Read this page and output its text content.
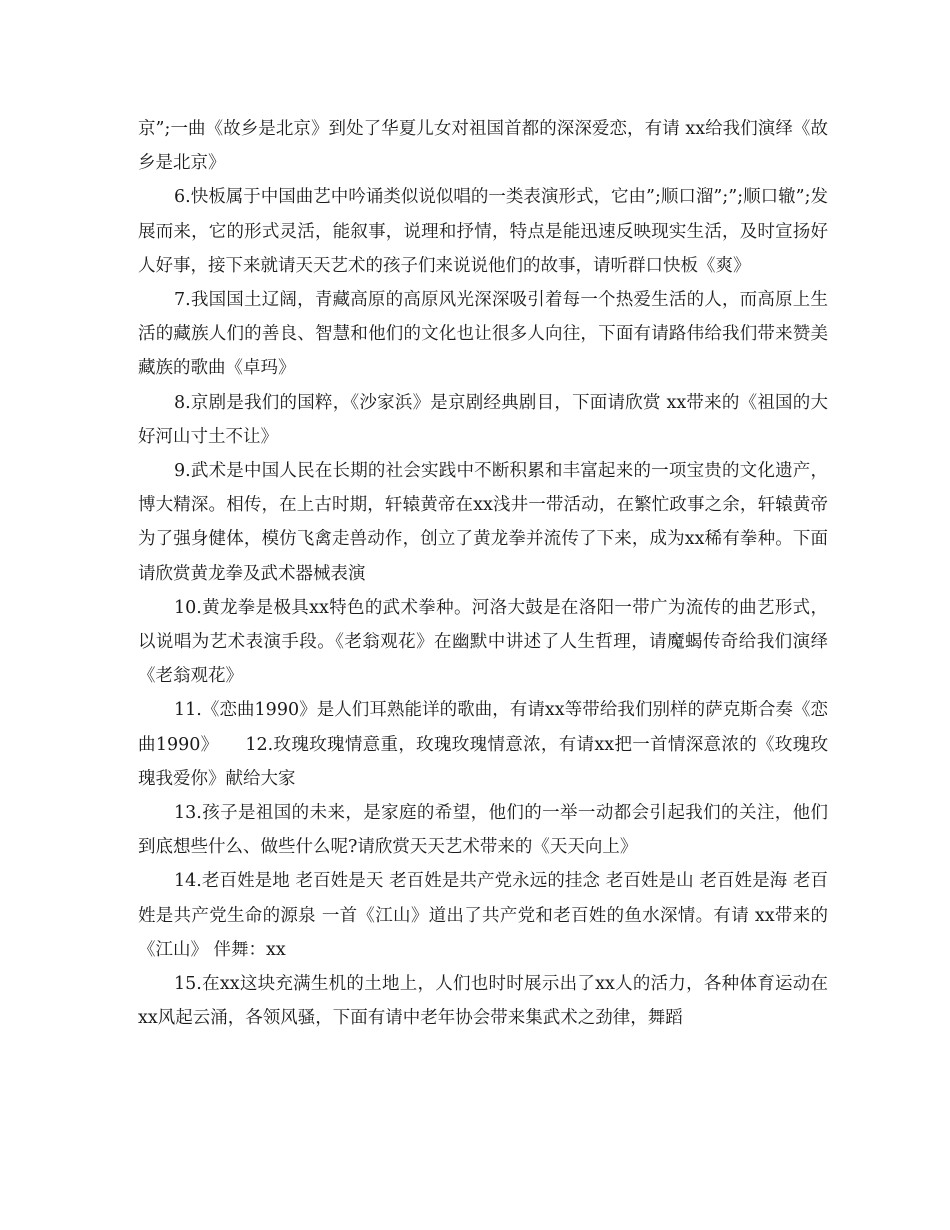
京”;一曲《故乡是北京》到处了华夏儿女对祖国首都的深深爱恋，有请 xx给我们演绎《故乡是北京》

6.快板属于中国曲艺中吟诵类似说似唱的一类表演形式，它由”;顺口溜”;”;顺口辙”;发展而来，它的形式灵活，能叙事，说理和抒情，特点是能迅速反映现实生活，及时宣扬好人好事，接下来就请天天艺术的孩子们来说说他们的故事，请听群口快板《爽》

7.我国国土辽阔，青藏高原的高原风光深深吸引着每一个热爱生活的人，而高原上生活的藏族人们的善良、智慧和他们的文化也让很多人向往，下面有请路伟给我们带来赞美藏族的歌曲《卓玛》

8.京剧是我们的国粹，《沙家浜》是京剧经典剧目，下面请欣赏 xx带来的《祖国的大好河山寸土不让》

9.武术是中国人民在长期的社会实践中不断积累和丰富起来的一项宝贵的文化遗产，博大精深。相传，在上古时期，轩辕黄帝在xx浅井一带活动，在繁忙政事之余，轩辕黄帝为了强身健体，模仿飞禽走兽动作，创立了黄龙拳并流传了下来，成为xx稀有拳种。下面请欣赏黄龙拳及武术器械表演

10.黄龙拳是极具xx特色的武术拳种。河洛大鼓是在洛阳一带广为流传的曲艺形式，以说唱为艺术表演手段。《老翁观花》在幽默中讲述了人生哲理，请魔蝎传奇给我们演绎《老翁观花》

11.《恋曲1990》是人们耳熟能详的歌曲，有请xx等带给我们别样的萨克斯合奏《恋曲1990》　　12.玫瑰玫瑰情意重，玫瑰玫瑰情意浓，有请xx把一首情深意浓的《玫瑰玫瑰我爱你》献给大家

13.孩子是祖国的未来，是家庭的希望，他们的一举一动都会引起我们的关注，他们到底想些什么、做些什么呢?请欣赏天天艺术带来的《天天向上》

14.老百姓是地 老百姓是天 老百姓是共产党永远的挂念 老百姓是山 老百姓是海 老百姓是共产党生命的源泉 一首《江山》道出了共产党和老百姓的鱼水深情。有请 xx带来的《江山》 伴舞：xx

15.在xx这块充满生机的土地上，人们也时时展示出了xx人的活力，各种体育运动在xx风起云涌，各领风骚，下面有请中老年协会带来集武术之劲律，舞蹈
